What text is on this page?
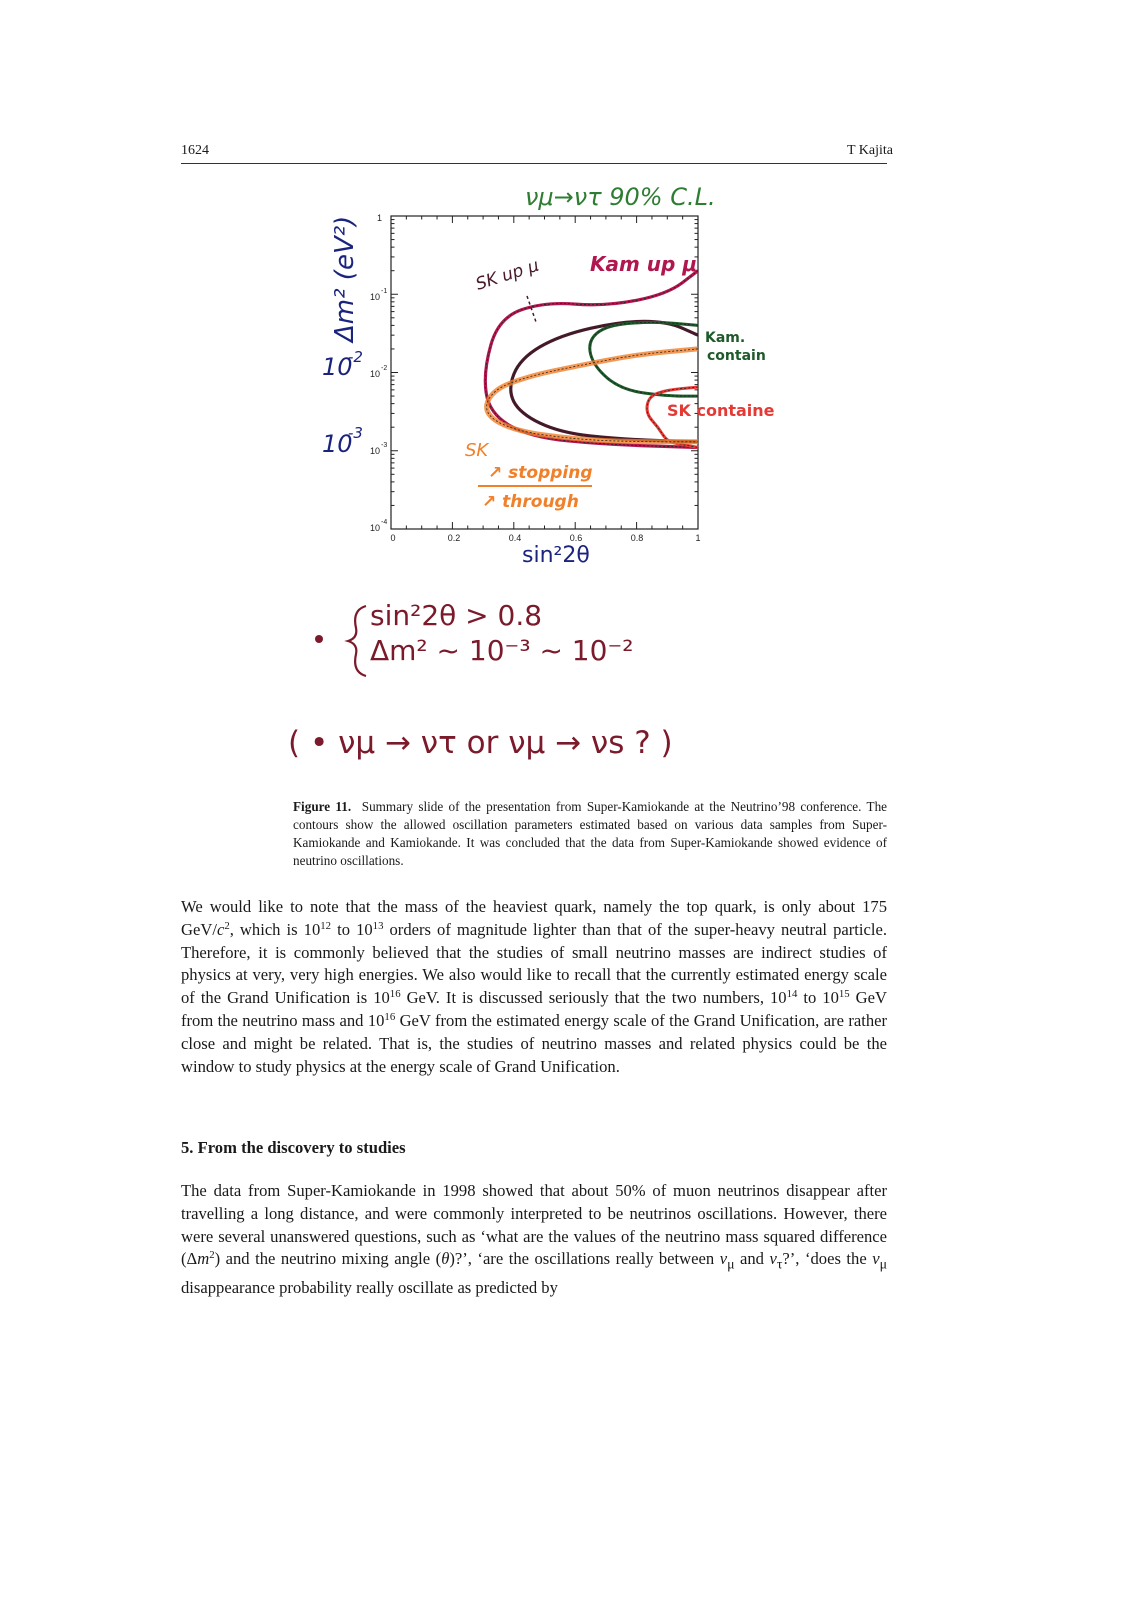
1624	T Kajita
νμ→ντ 90% C.L.
Δm² (eV²)
10
-2
10
-3
1
10
-1
10
-2
10
-3
10
-4
0	0.2	0.4	0.6	0.8	1
SK up μ Kam up μ
Kam.
contain
SK containe
SK
↗ stopping
↗ through
sin²2θ
sin²2θ > 0.8
Δm² ~ 10⁻³ ~ 10⁻²
( • νμ → ντ or νμ → νs ? )
Figure 11. Summary slide of the presentation from Super-Kamiokande at the Neutrino’98 conference. The contours show the allowed oscillation parameters estimated based on various data samples from Super-Kamiokande and Kamiokande. It was concluded that the data from Super-Kamiokande showed evidence of neutrino oscillations.
We would like to note that the mass of the heaviest quark, namely the top quark, is only about 175 GeV/$c^2$, which is $10^{12}$ to $10^{13}$ orders of magnitude lighter than that of the super-heavy neutral particle. Therefore, it is commonly believed that the studies of small neutrino masses are indirect studies of physics at very, very high energies. We also would like to recall that the currently estimated energy scale of the Grand Unification is $10^{16}$ GeV. It is discussed seriously that the two numbers, $10^{14}$ to $10^{15}$ GeV from the neutrino mass and $10^{16}$ GeV from the estimated energy scale of the Grand Unification, are rather close and might be related. That is, the studies of neutrino masses and related physics could be the window to study physics at the energy scale of Grand Unification.
5. From the discovery to studies
The data from Super-Kamiokande in 1998 showed that about 50% of muon neutrinos disappear after travelling a long distance, and were commonly interpreted to be neutrinos oscillations. However, there were several unanswered questions, such as ‘what are the values of the neutrino mass squared difference $(\Delta m^2)$ and the neutrino mixing angle (θ)?’, ‘are the oscillations really between $\nu_\mu$ and $\nu_\tau$?’, ‘does the $\nu_\mu$ disappearance probability really oscillate as predicted by
